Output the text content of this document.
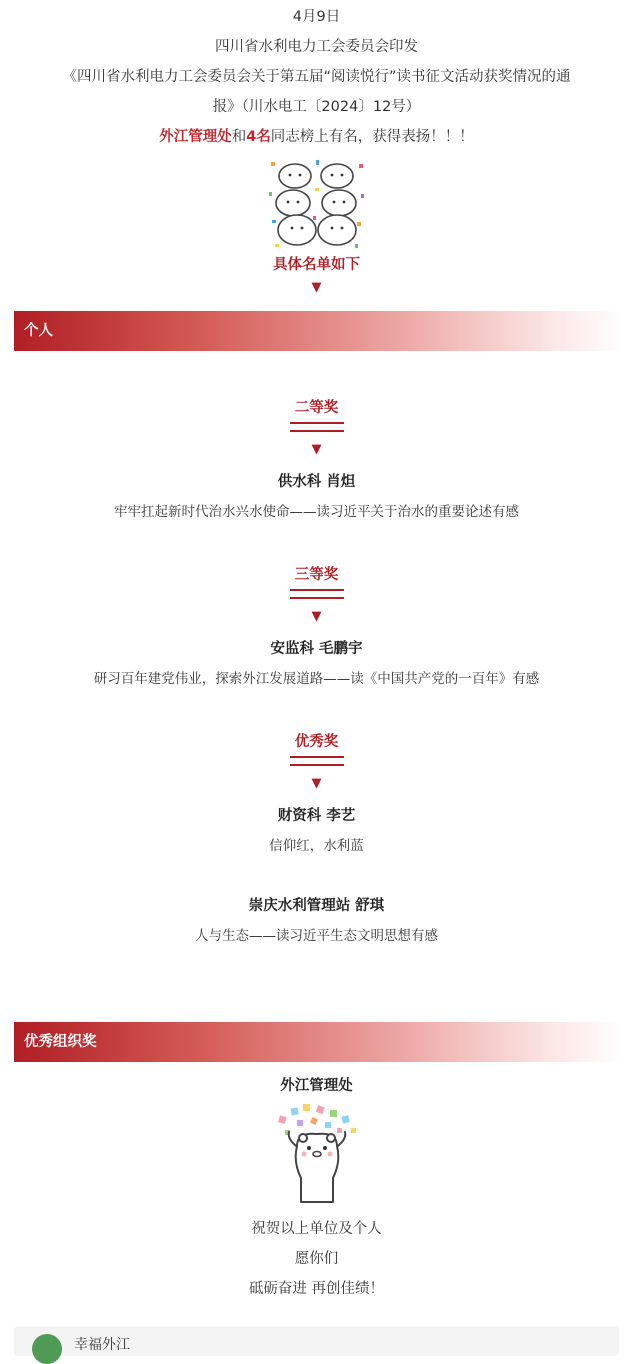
4月9日
四川省水利电力工会委员会印发
《四川省水利电力工会委员会关于第五届“阅读悦行”读书征文活动获奖情况的通
报》（川水电工〔2024〕12号）
外江管理处和4名同志榜上有名，获得表扬！！！
具体名单如下
▼
个人
二等奖
▼
供水科 肖炟
牢牢扛起新时代治水兴水使命——读习近平关于治水的重要论述有感
三等奖
▼
安监科 毛鹏宇
研习百年建党伟业，探索外江发展道路——读《中国共产党的一百年》有感
优秀奖
▼
财资科 李艺
信仰红，水利蓝
崇庆水利管理站 舒琪
人与生态——读习近平生态文明思想有感
优秀组织奖
外江管理处
祝贺以上单位及个人
愿你们
砥砺奋进 再创佳绩！
幸福外江
